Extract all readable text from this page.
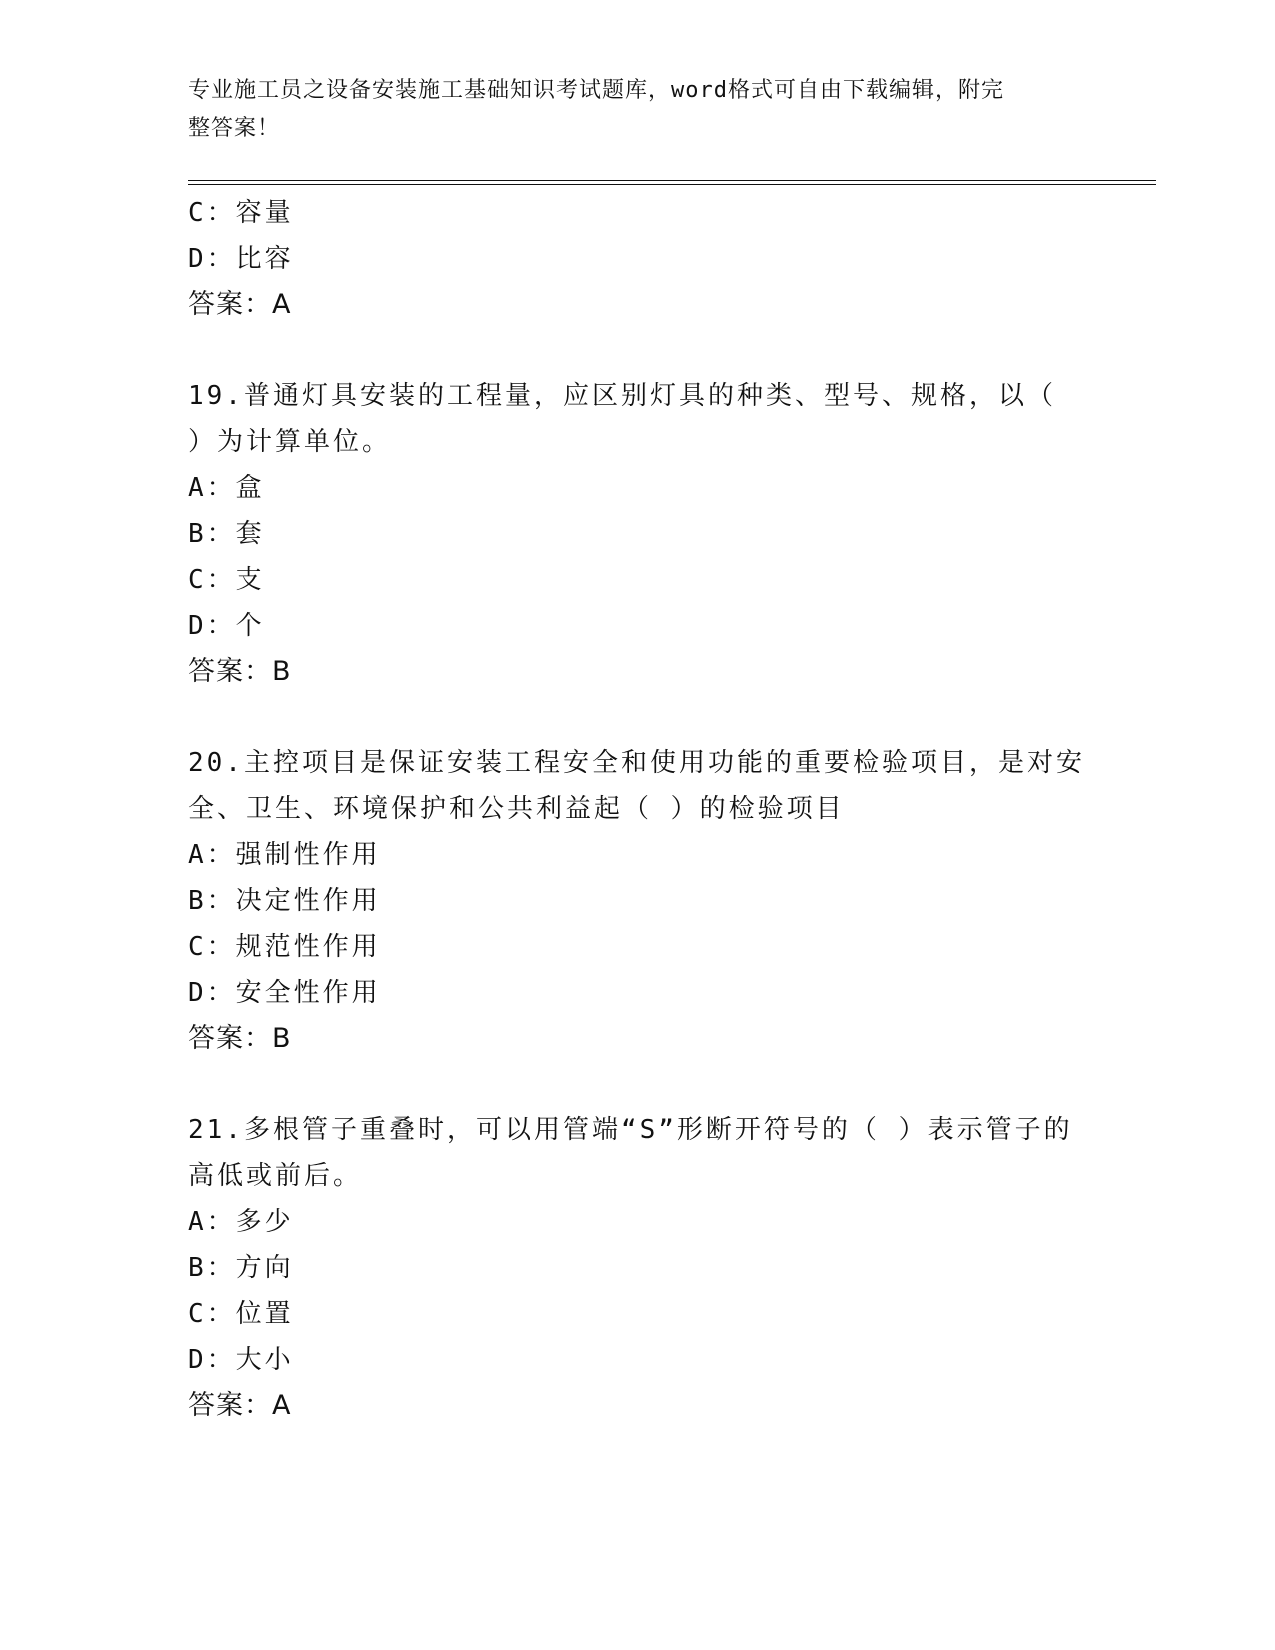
专业施工员之设备安装施工基础知识考试题库，word格式可自由下载编辑，附完
整答案！
C：容量
D：比容
答案：A
19.普通灯具安装的工程量，应区别灯具的种类、型号、规格，以（
）为计算单位。
A：盒
B：套
C：支
D：个
答案：B
20.主控项目是保证安装工程安全和使用功能的重要检验项目，是对安
全、卫生、环境保护和公共利益起（ ）的检验项目
A：强制性作用
B：决定性作用
C：规范性作用
D：安全性作用
答案：B
21.多根管子重叠时，可以用管端“S”形断开符号的（ ）表示管子的
高低或前后。
A：多少
B：方向
C：位置
D：大小
答案：A
